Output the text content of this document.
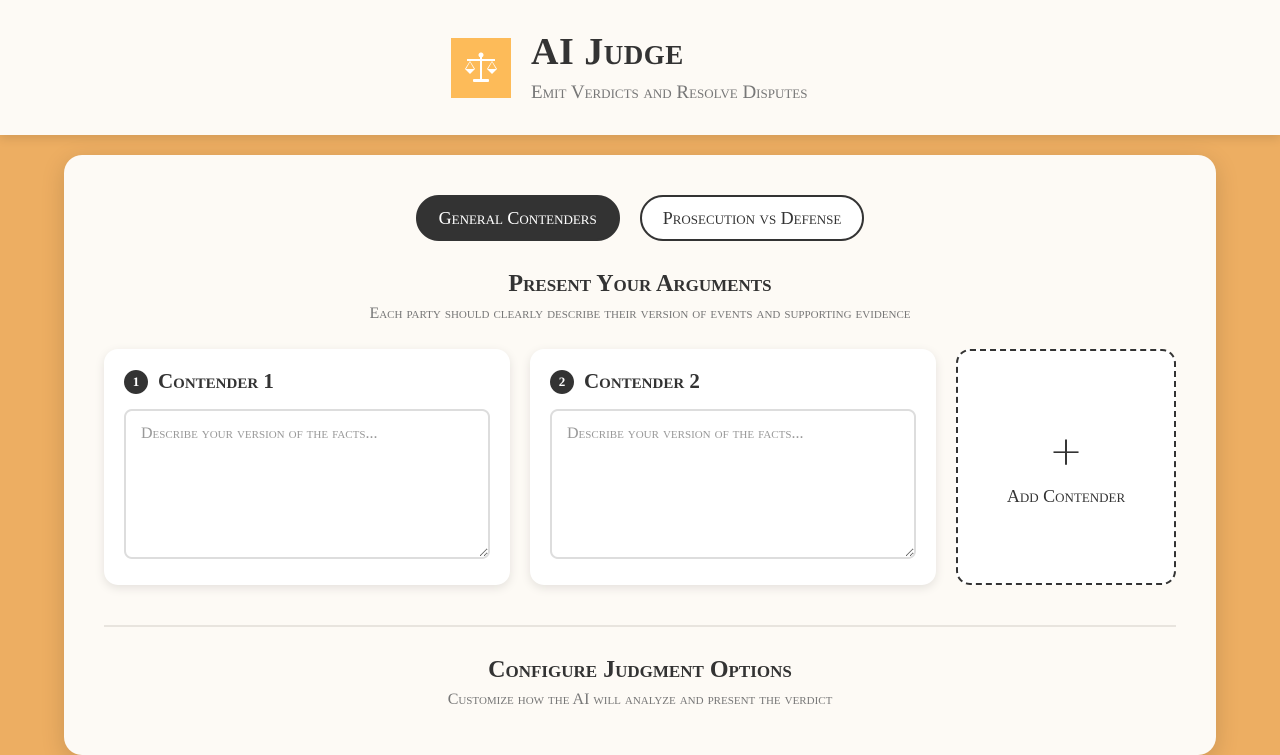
AI Judge
Emit Verdicts and Resolve Disputes
General Contenders	Prosecution vs Defense
Present Your Arguments
Each party should clearly describe their version of events and supporting evidence
1 Contender 1
Describe your version of the facts...	2 Contender 2
Describe your version of the facts...
+
Add Contender
Configure Judgment Options
Customize how the AI will analyze and present the verdict
